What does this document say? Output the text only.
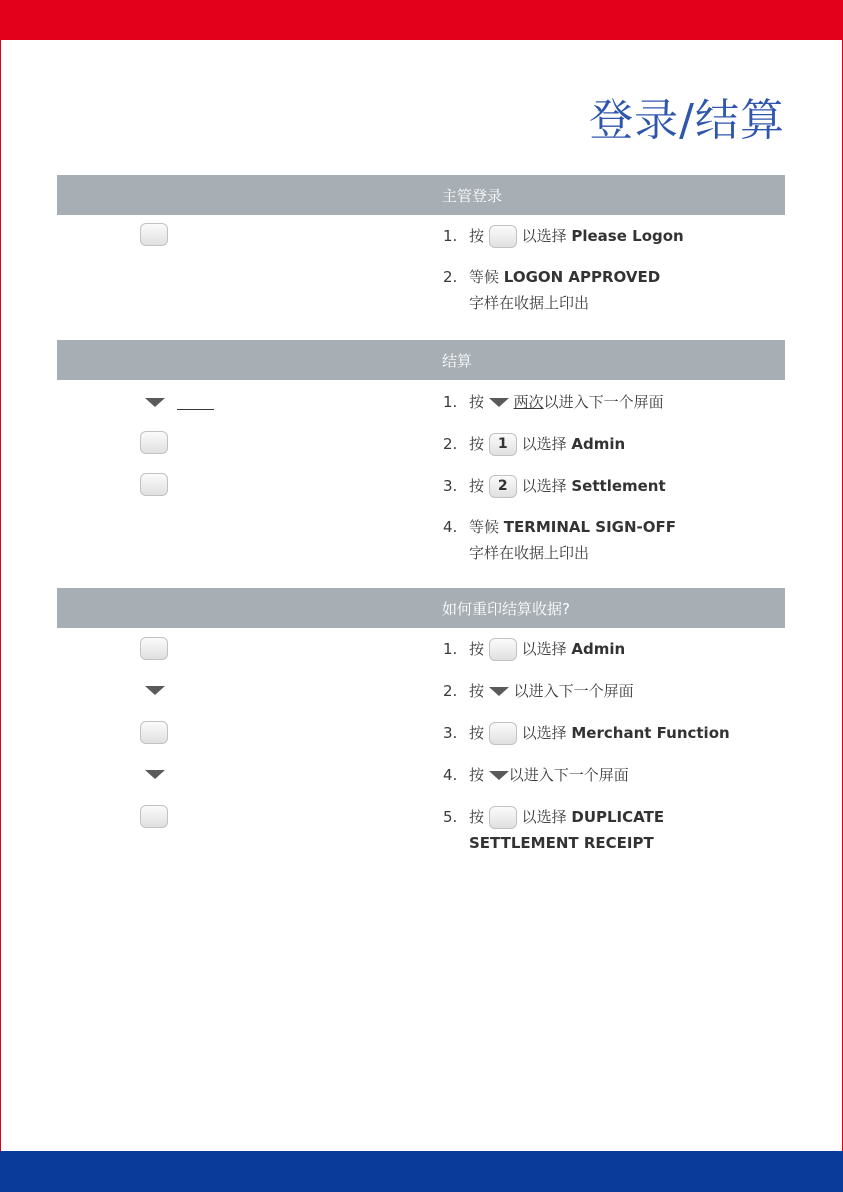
登录/结算
主管登录
1. 按	以选择 Please Logon
2. 等候 LOGON APPROVED
字样在收据上印出
结算
1. 按 两次以进入下一个屏面
2. 按 1 以选择 Admin
3. 按 2 以选择 Settlement
4. 等候 TERMINAL SIGN-OFF
字样在收据上印出
如何重印结算收据?
1. 按	以选择 Admin
2. 按 以进入下一个屏面
3. 按	以选择 Merchant Function
4. 按 以进入下一个屏面
5. 按	以选择 DUPLICATE
SETTLEMENT RECEIPT
